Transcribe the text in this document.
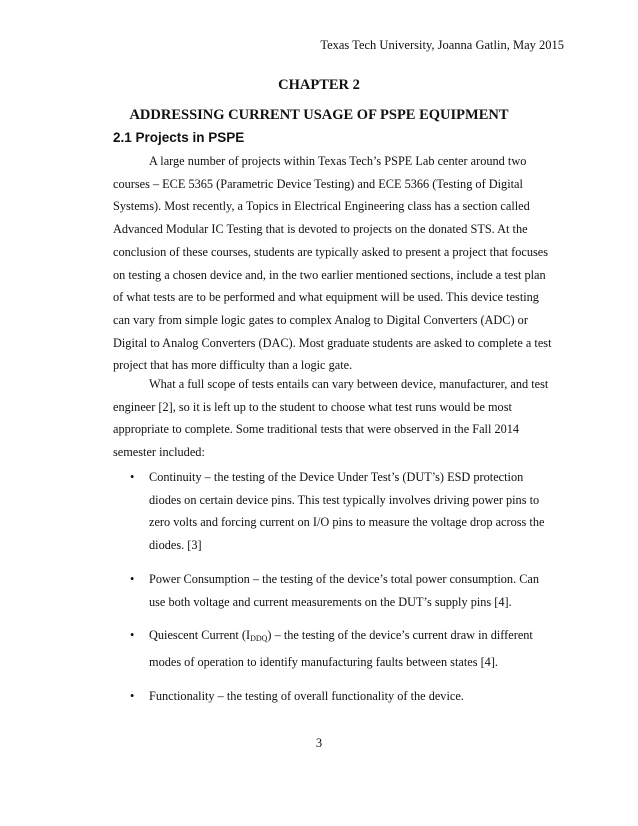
Texas Tech University, Joanna Gatlin, May 2015
CHAPTER 2
ADDRESSING CURRENT USAGE OF PSPE EQUIPMENT
2.1 Projects in PSPE

A large number of projects within Texas Tech’s PSPE Lab center around two
courses – ECE 5365 (Parametric Device Testing) and ECE 5366 (Testing of Digital
Systems). Most recently, a Topics in Electrical Engineering class has a section called
Advanced Modular IC Testing that is devoted to projects on the donated STS. At the
conclusion of these courses, students are typically asked to present a project that focuses
on testing a chosen device and, in the two earlier mentioned sections, include a test plan
of what tests are to be performed and what equipment will be used. This device testing
can vary from simple logic gates to complex Analog to Digital Converters (ADC) or
Digital to Analog Converters (DAC). Most graduate students are asked to complete a test
project that has more difficulty than a logic gate.

What a full scope of tests entails can vary between device, manufacturer, and test
engineer [2], so it is left up to the student to choose what test runs would be most
appropriate to complete. Some traditional tests that were observed in the Fall 2014
semester included:

• Continuity – the testing of the Device Under Test’s (DUT’s) ESD protection
diodes on certain device pins. This test typically involves driving power pins to
zero volts and forcing current on I/O pins to measure the voltage drop across the
diodes. [3]
• Power Consumption – the testing of the device’s total power consumption. Can
use both voltage and current measurements on the DUT’s supply pins [4].
• Quiescent Current $(I_{DDQ})$ – the testing of the device’s current draw in different
modes of operation to identify manufacturing faults between states [4].
• Functionality – the testing of overall functionality of the device.
3
